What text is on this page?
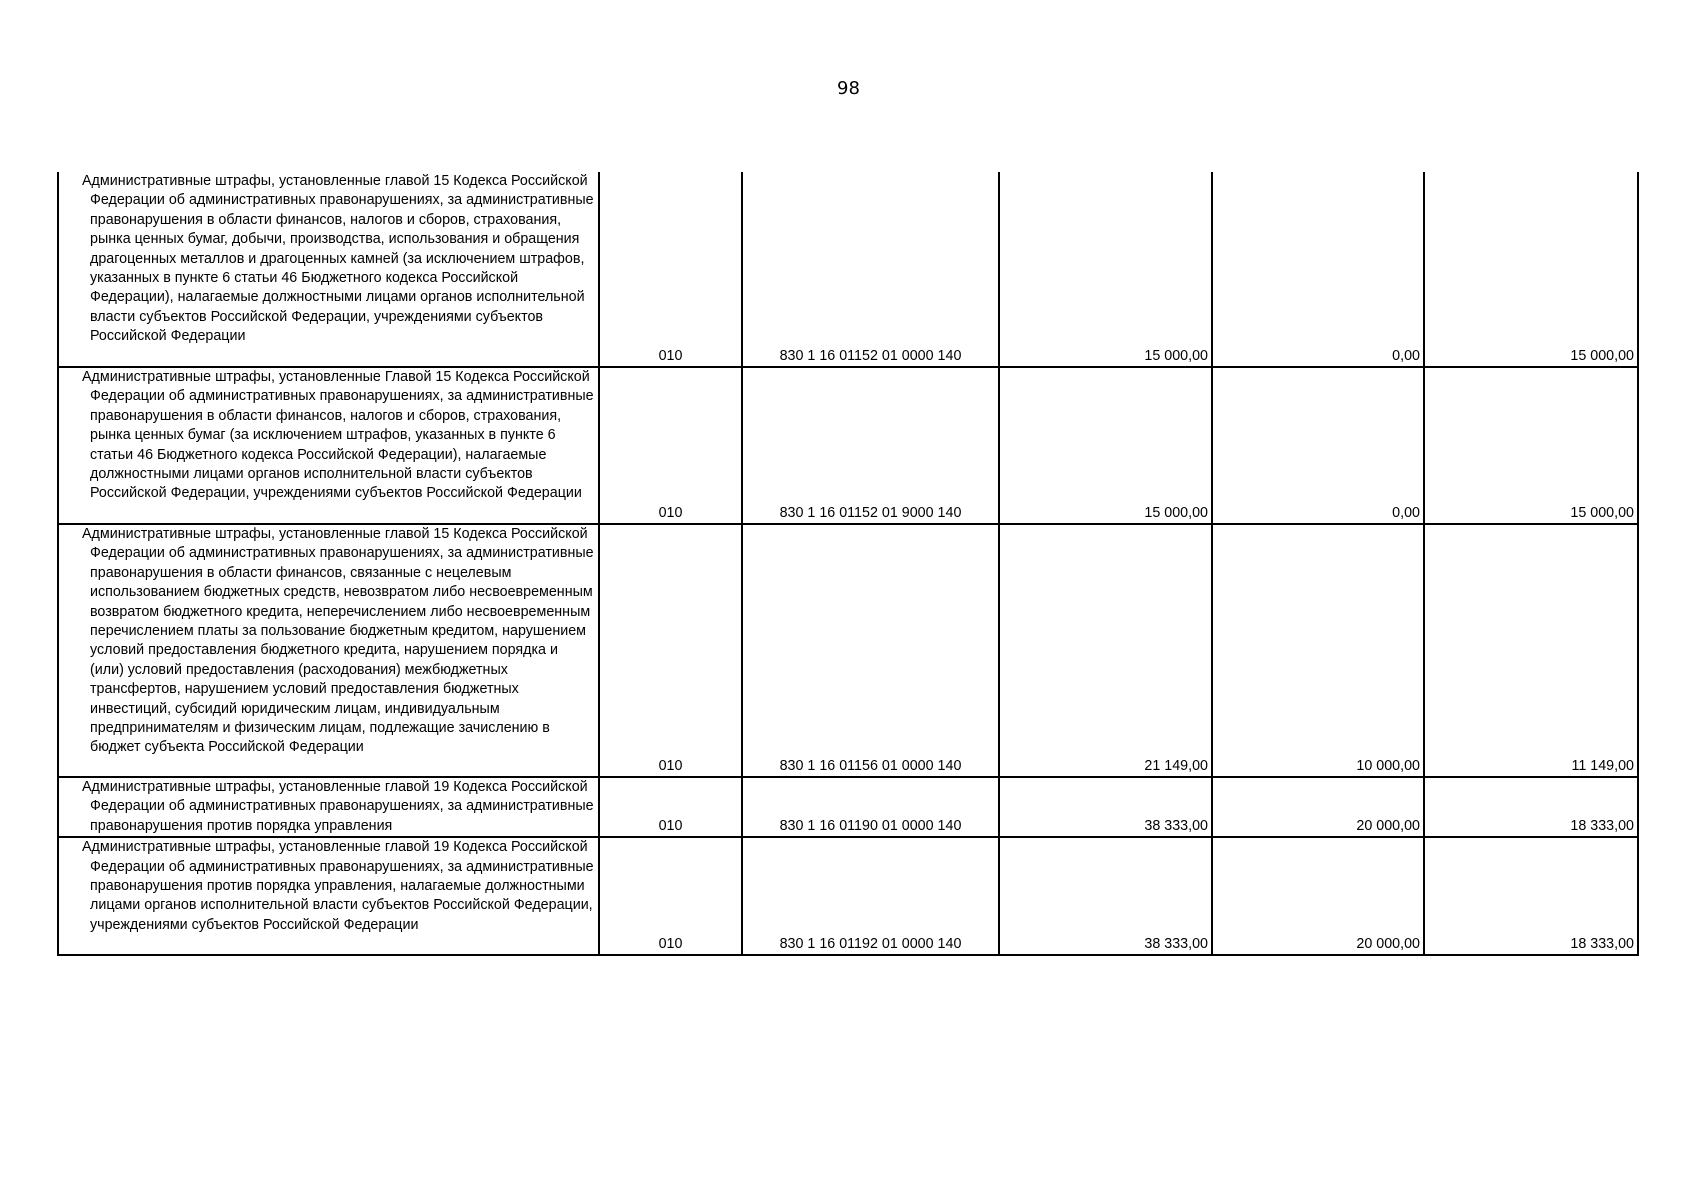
98
Административные штрафы, установленные главой 15 Кодекса Российской Федерации об административных правонарушениях, за административные правонарушения в области финансов, налогов и сборов, страхования, рынка ценных бумаг, добычи, производства, использования и обращения драгоценных металлов и драгоценных камней (за исключением штрафов, указанных в пункте 6 статьи 46 Бюджетного кодекса Российской Федерации), налагаемые должностными лицами органов исполнительной власти субъектов Российской Федерации, учреждениями субъектов Российской Федерации	010	830 1 16 01152 01 0000 140	15 000,00	0,00	15 000,00
Административные штрафы, установленные Главой 15 Кодекса Российской Федерации об административных правонарушениях, за административные правонарушения в области финансов, налогов и сборов, страхования, рынка ценных бумаг (за исключением штрафов, указанных в пункте 6 статьи 46 Бюджетного кодекса Российской Федерации), налагаемые должностными лицами органов исполнительной власти субъектов Российской Федерации, учреждениями субъектов Российской Федерации	010	830 1 16 01152 01 9000 140	15 000,00	0,00	15 000,00
Административные штрафы, установленные главой 15 Кодекса Российской Федерации об административных правонарушениях, за административные правонарушения в области финансов, связанные с нецелевым использованием бюджетных средств, невозвратом либо несвоевременным возвратом бюджетного кредита, неперечислением либо несвоевременным перечислением платы за пользование бюджетным кредитом, нарушением условий предоставления бюджетного кредита, нарушением порядка и (или) условий предоставления (расходования) межбюджетных трансфертов, нарушением условий предоставления бюджетных инвестиций, субсидий юридическим лицам, индивидуальным предпринимателям и физическим лицам, подлежащие зачислению в бюджет субъекта Российской Федерации	010	830 1 16 01156 01 0000 140	21 149,00	10 000,00	11 149,00
Административные штрафы, установленные главой 19 Кодекса Российской Федерации об административных правонарушениях, за административные правонарушения против порядка управления	010	830 1 16 01190 01 0000 140	38 333,00	20 000,00	18 333,00
Административные штрафы, установленные главой 19 Кодекса Российской Федерации об административных правонарушениях, за административные правонарушения против порядка управления, налагаемые должностными лицами органов исполнительной власти субъектов Российской Федерации, учреждениями субъектов Российской Федерации	010	830 1 16 01192 01 0000 140	38 333,00	20 000,00	18 333,00
